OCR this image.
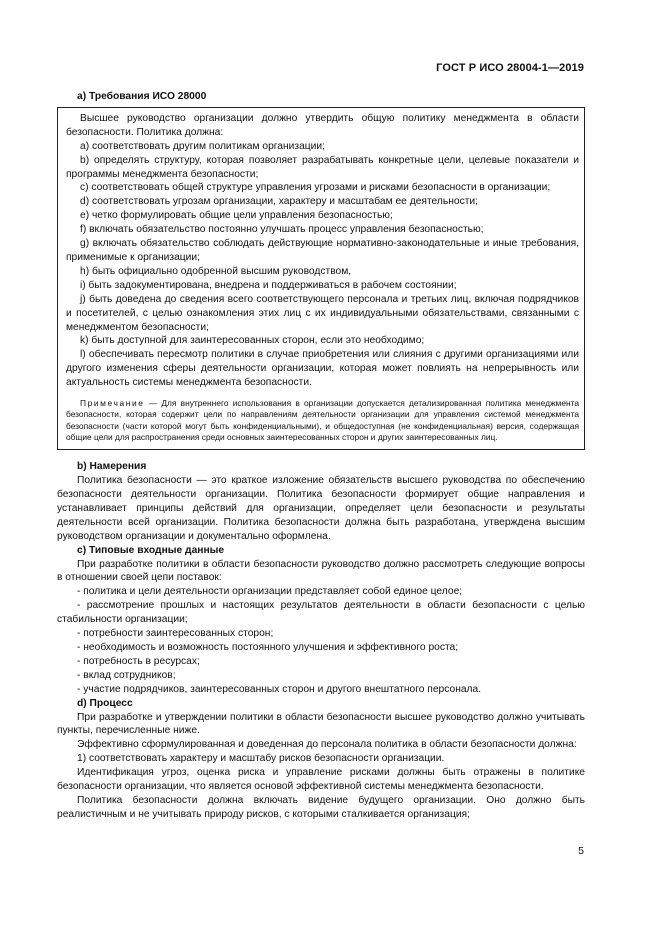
ГОСТ Р ИСО 28004-1—2019
а) Требования ИСО 28000

Высшее руководство организации должно утвердить общую политику менеджмента в области безопасности. Политика должна:

а) соответствовать другим политикам организации;

b) определять структуру, которая позволяет разрабатывать конкретные цели, целевые показатели и программы менеджмента безопасности;

c) соответствовать общей структуре управления угрозами и рисками безопасности в организации;

d) соответствовать угрозам организации, характеру и масштабам ее деятельности;

e) четко формулировать общие цели управления безопасностью;

f) включать обязательство постоянно улучшать процесс управления безопасностью;

g) включать обязательство соблюдать действующие нормативно-законодательные и иные требования, применимые к организации;

h) быть официально одобренной высшим руководством,

i) быть задокументирована, внедрена и поддерживаться в рабочем состоянии;

j) быть доведена до сведения всего соответствующего персонала и третьих лиц, включая подрядчиков и посетителей, с целью ознакомления этих лиц с их индивидуальными обязательствами, связанными с менеджментом безопасности;

k) быть доступной для заинтересованных сторон, если это необходимо;

l) обеспечивать пересмотр политики в случае приобретения или слияния с другими организациями или другого изменения сферы деятельности организации, которая может повлиять на непрерывность или актуальность системы менеджмента безопасности.

Примечание — Для внутреннего использования в организации допускается детализированная политика менеджмента безопасности, которая содержит цели по направлениям деятельности организации для управления системой менеджмента безопасности (части которой могут быть конфиденциальными), и общедоступная (не конфиденциальная) версия, содержащая общие цели для распространения среди основных заинтересованных сторон и других заинтересованных лиц.

b) Намерения

Политика безопасности — это краткое изложение обязательств высшего руководства по обеспечению безопасности деятельности организации. Политика безопасности формирует общие направления и устанавливает принципы действий для организации, определяет цели безопасности и результаты деятельности всей организации. Политика безопасности должна быть разработана, утверждена высшим руководством организации и документально оформлена.

c) Типовые входные данные

При разработке политики в области безопасности руководство должно рассмотреть следующие вопросы в отношении своей цепи поставок:

- политика и цели деятельности организации представляет собой единое целое;

- рассмотрение прошлых и настоящих результатов деятельности в области безопасности с целью стабильности организации;

- потребности заинтересованных сторон;

- необходимость и возможность постоянного улучшения и эффективного роста;

- потребность в ресурсах;

- вклад сотрудников;

- участие подрядчиков, заинтересованных сторон и другого внештатного персонала.

d) Процесс

При разработке и утверждении политики в области безопасности высшее руководство должно учитывать пункты, перечисленные ниже.

Эффективно сформулированная и доведенная до персонала политика в области безопасности должна:

1) соответствовать характеру и масштабу рисков безопасности организации.

Идентификация угроз, оценка риска и управление рисками должны быть отражены в политике безопасности организации, что является основой эффективной системы менеджмента безопасности.

Политика безопасности должна включать видение будущего организации. Оно должно быть реалистичным и не учитывать природу рисков, с которыми сталкивается организация;

5
